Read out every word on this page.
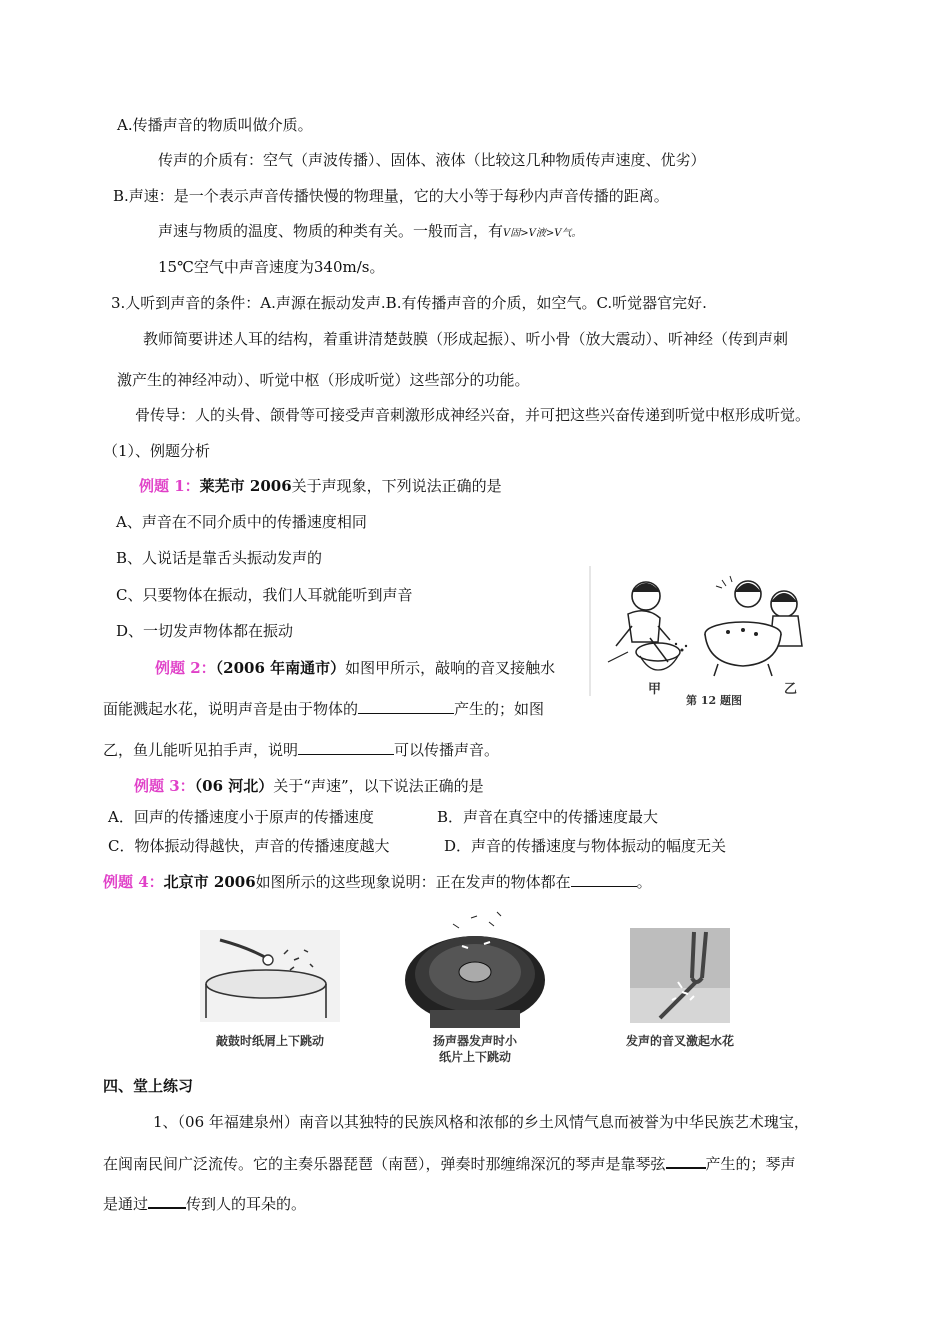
A.传播声音的物质叫做介质。
传声的介质有：空气（声波传播）、固体、液体（比较这几种物质传声速度、优劣）
B.声速：是一个表示声音传播快慢的物理量，它的大小等于每秒内声音传播的距离。
声速与物质的温度、物质的种类有关。一般而言，有V固>V液>V气。
15℃空气中声音速度为340m/s。
3.人听到声音的条件：A.声源在振动发声.B.有传播声音的介质，如空气。C.听觉器官完好.
教师简要讲述人耳的结构，着重讲清楚鼓膜（形成起振）、听小骨（放大震动）、听神经（传到声刺
激产生的神经冲动）、听觉中枢（形成听觉）这些部分的功能。
骨传导：人的头骨、颌骨等可接受声音刺激形成神经兴奋，并可把这些兴奋传递到听觉中枢形成听觉。
（1）、例题分析
例题 1：莱芜市 2006关于声现象，下列说法正确的是
A、声音在不同介质中的传播速度相同
B、人说话是靠舌头振动发声的
C、只要物体在振动，我们人耳就能听到声音
D、一切发声物体都在振动
例题 2：（2006 年南通市）如图甲所示，敲响的音叉接触水
面能溅起水花，说明声音是由于物体的	产生的；如图
乙，鱼儿能听见拍手声，说明	可以传播声音。
甲	乙
第 12 题图
例题 3：（06 河北）关于“声速”，以下说法正确的是
A．回声的传播速度小于原声的传播速度	B．声音在真空中的传播速度最大
C．物体振动得越快，声音的传播速度越大	D．声音的传播速度与物体振动的幅度无关
例题 4：北京市 2006如图所示的这些现象说明：正在发声的物体都在	。
敲鼓时纸屑上下跳动	扬声器发声时小
纸片上下跳动
发声的音叉激起水花
四、堂上练习
1、（06 年福建泉州）南音以其独特的民族风格和浓郁的乡土风情气息而被誉为中华民族艺术瑰宝，
在闽南民间广泛流传。它的主奏乐器琵琶（南琶），弹奏时那缠绵深沉的琴声是靠琴弦	产生的；琴声
是通过	传到人的耳朵的。
